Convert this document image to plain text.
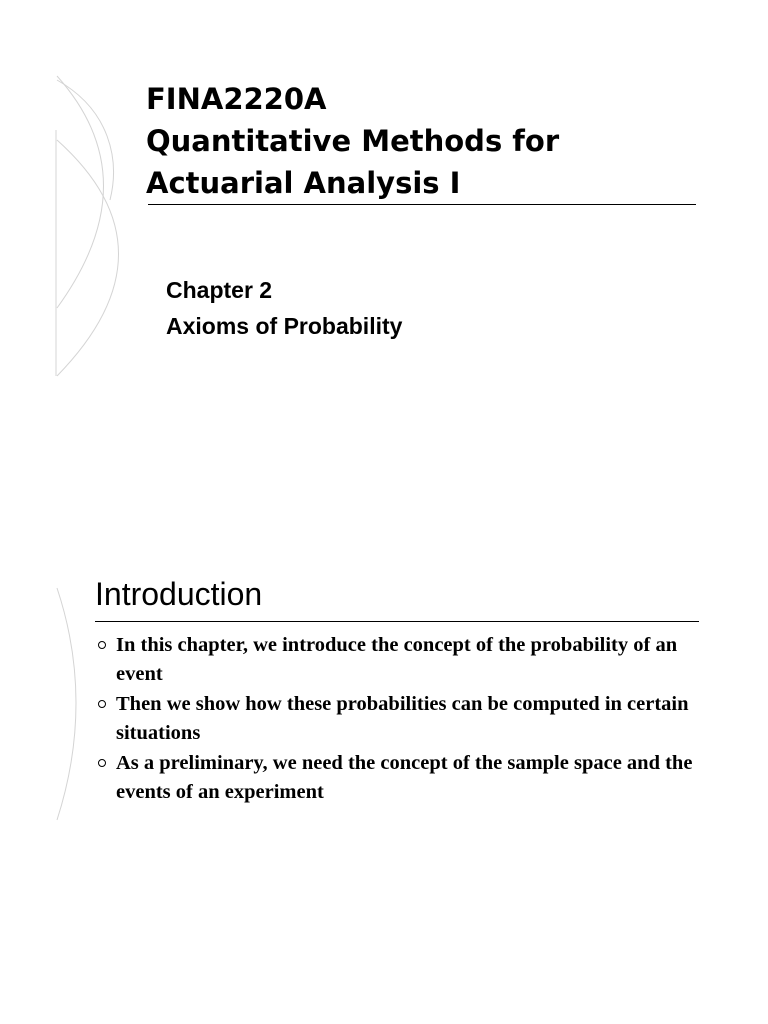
FINA2220A
Quantitative Methods for
Actuarial Analysis I
Chapter 2
Axioms of Probability
Introduction
In this chapter, we introduce the concept of the probability of an event
Then we show how these probabilities can be computed in certain situations
As a preliminary, we need the concept of the sample space and the events of an experiment
